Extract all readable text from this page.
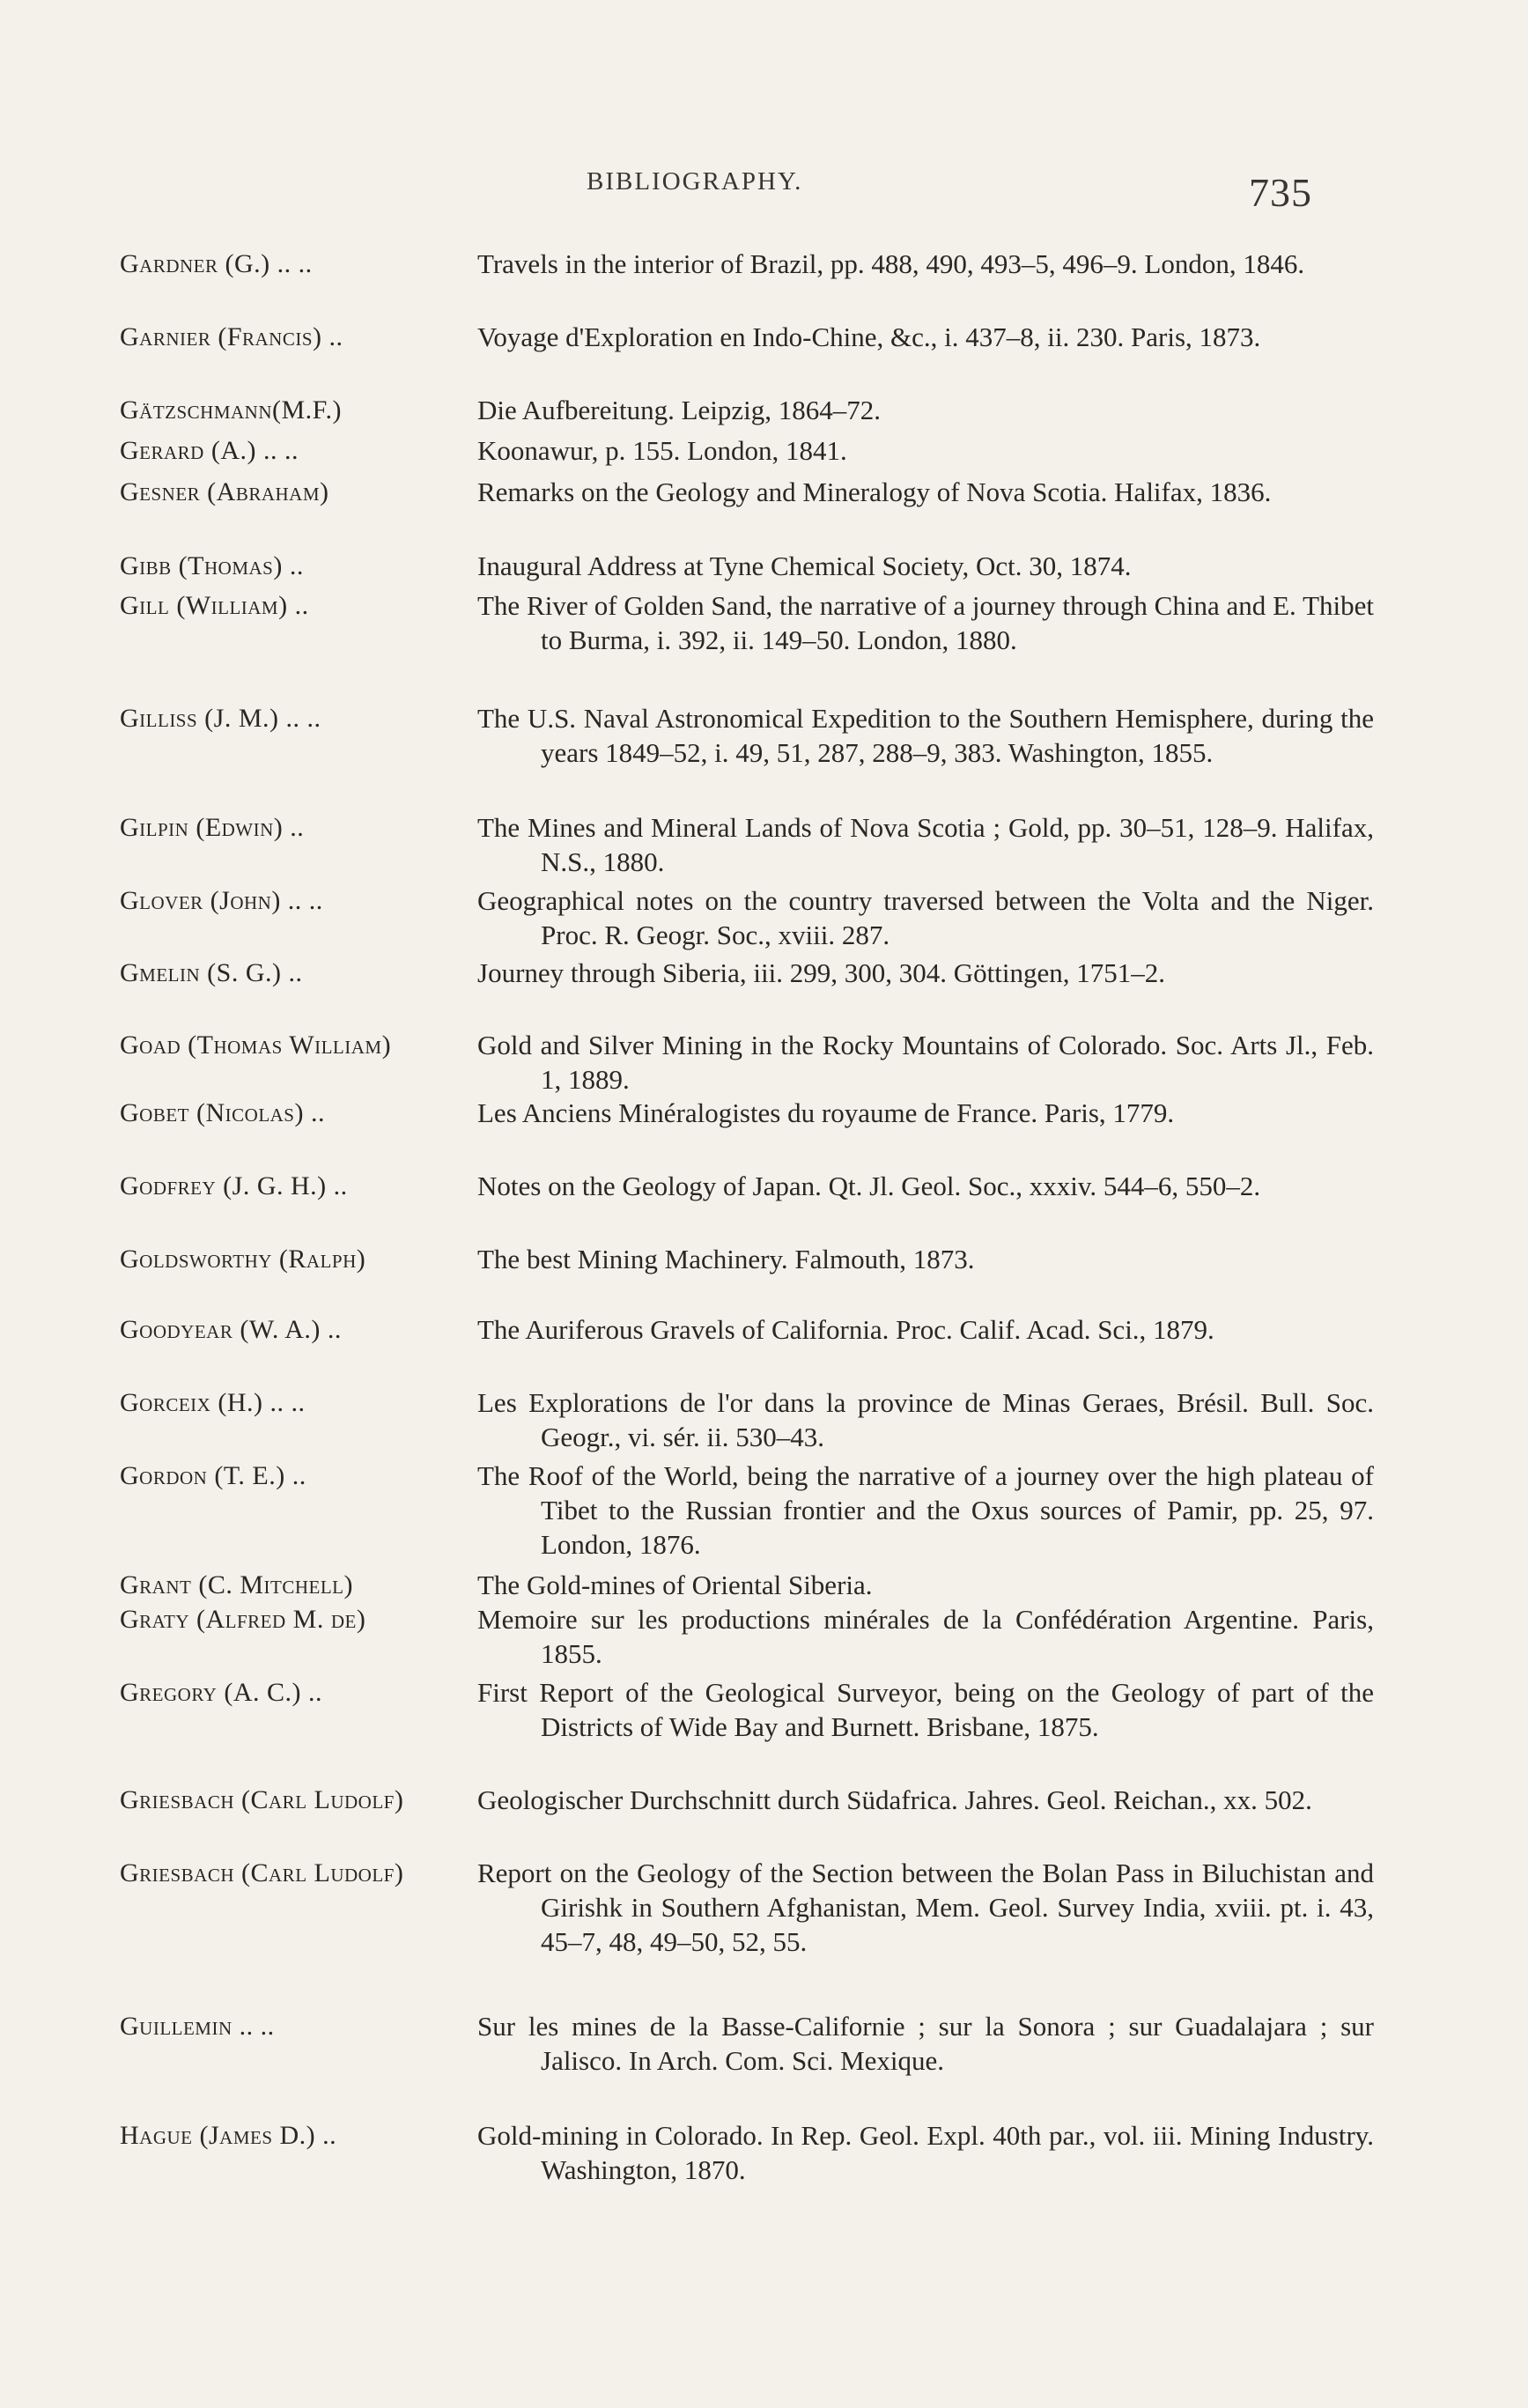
BIBLIOGRAPHY.	735
Gardner (G.) .. ..	Travels in the interior of Brazil, pp. 488, 490, 493–5, 496–9. London, 1846.
Garnier (Francis) ..	Voyage d'Exploration en Indo-Chine, &c., i. 437–8, ii. 230. Paris, 1873.
Gätzschmann(M.F.)	Die Aufbereitung. Leipzig, 1864–72.
Gerard (A.) .. ..	Koonawur, p. 155. London, 1841.
Gesner (Abraham)	Remarks on the Geology and Mineralogy of Nova Scotia. Halifax, 1836.
Gibb (Thomas) ..	Inaugural Address at Tyne Chemical Society, Oct. 30, 1874.
Gill (William) ..	The River of Golden Sand, the narrative of a journey through China and E. Thibet to Burma, i. 392, ii. 149–50. London, 1880.
Gilliss (J. M.) .. ..	The U.S. Naval Astronomical Expedition to the Southern Hemisphere, during the years 1849–52, i. 49, 51, 287, 288–9, 383. Washington, 1855.
Gilpin (Edwin) ..	The Mines and Mineral Lands of Nova Scotia ; Gold, pp. 30–51, 128–9. Halifax, N.S., 1880.
Glover (John) .. ..	Geographical notes on the country traversed between the Volta and the Niger. Proc. R. Geogr. Soc., xviii. 287.
Gmelin (S. G.) ..	Journey through Siberia, iii. 299, 300, 304. Göttingen, 1751–2.
Goad (Thomas William)	Gold and Silver Mining in the Rocky Mountains of Colorado. Soc. Arts Jl., Feb. 1, 1889.
Gobet (Nicolas) ..	Les Anciens Minéralogistes du royaume de France. Paris, 1779.
Godfrey (J. G. H.) ..	Notes on the Geology of Japan. Qt. Jl. Geol. Soc., xxxiv. 544–6, 550–2.
Goldsworthy (Ralph)	The best Mining Machinery. Falmouth, 1873.
Goodyear (W. A.) ..	The Auriferous Gravels of California. Proc. Calif. Acad. Sci., 1879.
Gorceix (H.) .. ..	Les Explorations de l'or dans la province de Minas Geraes, Brésil. Bull. Soc. Geogr., vi. sér. ii. 530–43.
Gordon (T. E.) ..	The Roof of the World, being the narrative of a journey over the high plateau of Tibet to the Russian frontier and the Oxus sources of Pamir, pp. 25, 97. London, 1876.
Grant (C. Mitchell)	The Gold-mines of Oriental Siberia.
Graty (Alfred M. de)	Memoire sur les productions minérales de la Confédération Argentine. Paris, 1855.
Gregory (A. C.) ..	First Report of the Geological Surveyor, being on the Geology of part of the Districts of Wide Bay and Burnett. Brisbane, 1875.
Griesbach (Carl Ludolf)	Geologischer Durchschnitt durch Südafrica. Jahres. Geol. Reichan., xx. 502.
Griesbach (Carl Ludolf)	Report on the Geology of the Section between the Bolan Pass in Biluchistan and Girishk in Southern Afghanistan, Mem. Geol. Survey India, xviii. pt. i. 43, 45–7, 48, 49–50, 52, 55.
Guillemin .. ..	Sur les mines de la Basse-Californie ; sur la Sonora ; sur Guadalajara ; sur Jalisco. In Arch. Com. Sci. Mexique.
Hague (James D.) ..	Gold-mining in Colorado. In Rep. Geol. Expl. 40th par., vol. iii. Mining Industry. Washington, 1870.
